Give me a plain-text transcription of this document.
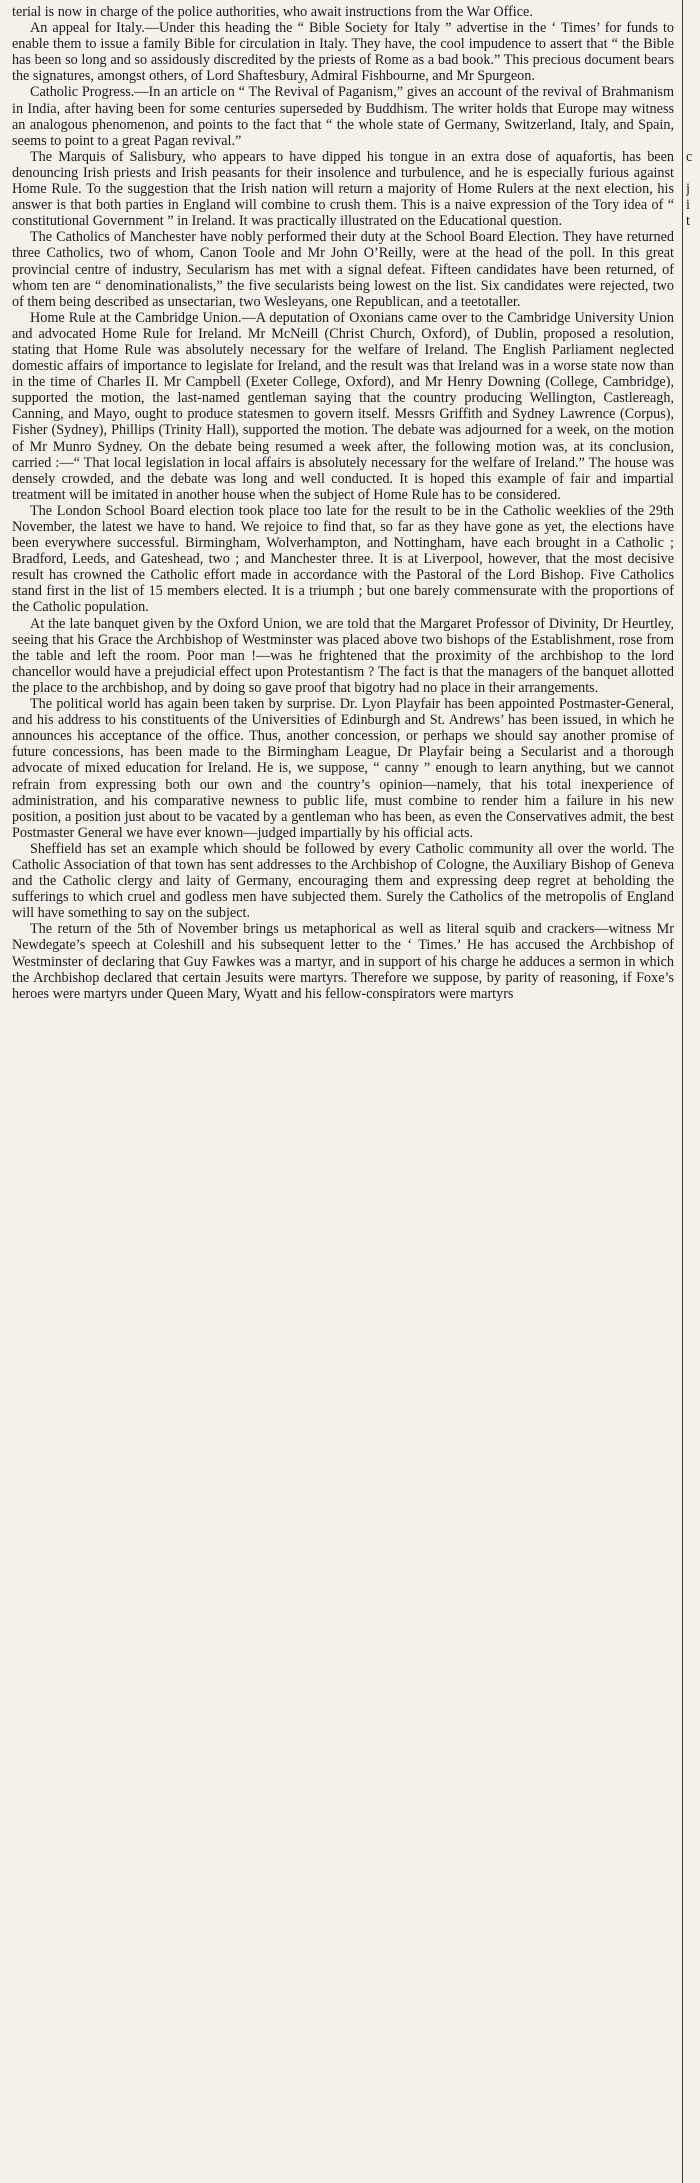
terial is now in charge of the police authorities, who await instructions from the War Office.

An appeal for Italy.—Under this heading the “ Bible Society for Italy ” advertise in the ‘ Times’ for funds to enable them to issue a family Bible for circulation in Italy. They have, the cool impudence to assert that “ the Bible has been so long and so assidously discredited by the priests of Rome as a bad book.” This precious document bears the signatures, amongst others, of Lord Shaftesbury, Admiral Fishbourne, and Mr Spurgeon.

Catholic Progress.—In an article on “ The Revival of Paganism,” gives an account of the revival of Brahmanism in India, after having been for some centuries superseded by Buddhism. The writer holds that Europe may witness an analogous phenomenon, and points to the fact that “ the whole state of Germany, Switzerland, Italy, and Spain, seems to point to a great Pagan revival.”

The Marquis of Salisbury, who appears to have dipped his tongue in an extra dose of aquafortis, has been denouncing Irish priests and Irish peasants for their insolence and turbulence, and he is especially furious against Home Rule. To the suggestion that the Irish nation will return a majority of Home Rulers at the next election, his answer is that both parties in England will combine to crush them. This is a naive expression of the Tory idea of “ constitutional Government ” in Ireland. It was practically illustrated on the Educational question.

The Catholics of Manchester have nobly performed their duty at the School Board Election. They have returned three Catholics, two of whom, Canon Toole and Mr John O’Reilly, were at the head of the poll. In this great provincial centre of industry, Secularism has met with a signal defeat. Fifteen candidates have been returned, of whom ten are “ denominationalists,” the five secularists being lowest on the list. Six candidates were rejected, two of them being described as unsectarian, two Wesleyans, one Republican, and a teetotaller.

Home Rule at the Cambridge Union.—A deputation of Oxonians came over to the Cambridge University Union and advocated Home Rule for Ireland. Mr McNeill (Christ Church, Oxford), of Dublin, proposed a resolution, stating that Home Rule was absolutely necessary for the welfare of Ireland. The English Parliament neglected domestic affairs of importance to legislate for Ireland, and the result was that Ireland was in a worse state now than in the time of Charles II. Mr Campbell (Exeter College, Oxford), and Mr Henry Downing (College, Cambridge), supported the motion, the last-named gentleman saying that the country producing Wellington, Castlereagh, Canning, and Mayo, ought to produce statesmen to govern itself. Messrs Griffith and Sydney Lawrence (Corpus), Fisher (Sydney), Phillips (Trinity Hall), supported the motion. The debate was adjourned for a week, on the motion of Mr Munro Sydney. On the debate being resumed a week after, the following motion was, at its conclusion, carried :—“ That local legislation in local affairs is absolutely necessary for the welfare of Ireland.” The house was densely crowded, and the debate was long and well conducted. It is hoped this example of fair and impartial treatment will be imitated in another house when the subject of Home Rule has to be considered.

The London School Board election took place too late for the result to be in the Catholic weeklies of the 29th November, the latest we have to hand. We rejoice to find that, so far as they have gone as yet, the elections have been everywhere successful. Birmingham, Wolverhampton, and Nottingham, have each brought in a Catholic ; Bradford, Leeds, and Gateshead, two ; and Manchester three. It is at Liverpool, however, that the most decisive result has crowned the Catholic effort made in accordance with the Pastoral of the Lord Bishop. Five Catholics stand first in the list of 15 members elected. It is a triumph ; but one barely commensurate with the proportions of the Catholic population.

At the late banquet given by the Oxford Union, we are told that the Margaret Professor of Divinity, Dr Heurtley, seeing that his Grace the Archbishop of Westminster was placed above two bishops of the Establishment, rose from the table and left the room. Poor man !—was he frightened that the proximity of the archbishop to the lord chancellor would have a prejudicial effect upon Protestantism ? The fact is that the managers of the banquet allotted the place to the archbishop, and by doing so gave proof that bigotry had no place in their arrangements.

The political world has again been taken by surprise. Dr. Lyon Playfair has been appointed Postmaster-General, and his address to his constituents of the Universities of Edinburgh and St. Andrews’ has been issued, in which he announces his acceptance of the office. Thus, another concession, or perhaps we should say another promise of future concessions, has been made to the Birmingham League, Dr Playfair being a Secularist and a thorough advocate of mixed education for Ireland. He is, we suppose, “ canny ” enough to learn anything, but we cannot refrain from expressing both our own and the country’s opinion—namely, that his total inexperience of administration, and his comparative newness to public life, must combine to render him a failure in his new position, a position just about to be vacated by a gentleman who has been, as even the Conservatives admit, the best Postmaster General we have ever known—judged impartially by his official acts.

Sheffield has set an example which should be followed by every Catholic community all over the world. The Catholic Association of that town has sent addresses to the Archbishop of Cologne, the Auxiliary Bishop of Geneva and the Catholic clergy and laity of Germany, encouraging them and expressing deep regret at beholding the sufferings to which cruel and godless men have subjected them. Surely the Catholics of the metropolis of England will have something to say on the subject.

The return of the 5th of November brings us metaphorical as well as literal squib and crackers—witness Mr Newdegate’s speech at Coleshill and his subsequent letter to the ‘ Times.’ He has accused the Archbishop of Westminster of declaring that Guy Fawkes was a martyr, and in support of his charge he adduces a sermon in which the Archbishop declared that certain Jesuits were martyrs. Therefore we suppose, by parity of reasoning, if Foxe’s heroes were martyrs under Queen Mary, Wyatt and his fellow-conspirators were martyrs

c
j
i
t
